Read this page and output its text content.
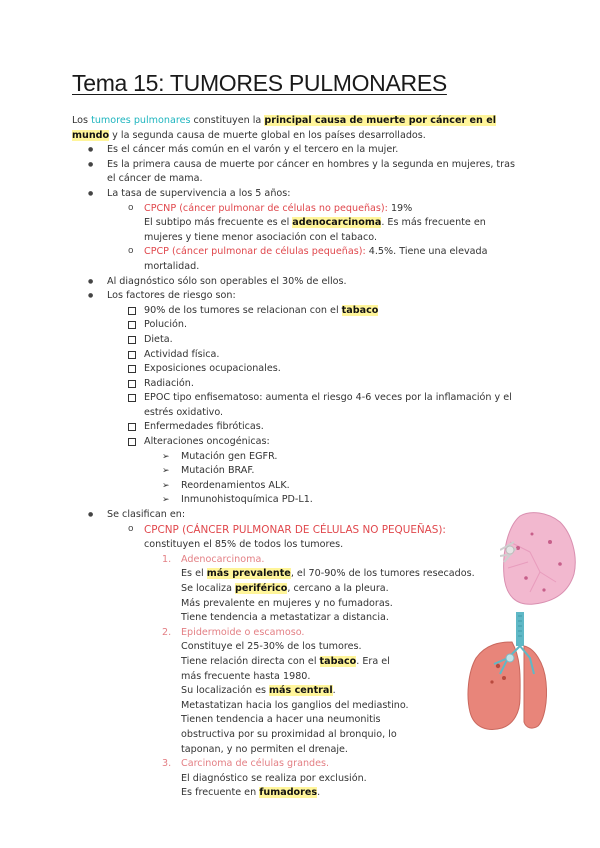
Tema 15: TUMORES PULMONARES

Los tumores pulmonares constituyen la principal causa de muerte por cáncer en el mundo y la segunda causa de muerte global en los países desarrollados.

● Es el cáncer más común en el varón y el tercero en la mujer.
● Es la primera causa de muerte por cáncer en hombres y la segunda en mujeres, tras el cáncer de mama.
● La tasa de supervivencia a los 5 años:
o CPCNP (cáncer pulmonar de células no pequeñas): 19%
El subtipo más frecuente es el adenocarcinoma. Es más frecuente en mujeres y tiene menor asociación con el tabaco.
o CPCP (cáncer pulmonar de células pequeñas): 4.5%. Tiene una elevada mortalidad.
● Al diagnóstico sólo son operables el 30% de ellos.
● Los factores de riesgo son:
90% de los tumores se relacionan con el tabaco
Polución.
Dieta.
Actividad física.
Exposiciones ocupacionales.
Radiación.
EPOC tipo enfisematoso: aumenta el riesgo 4-6 veces por la inflamación y el estrés oxidativo.
Enfermedades fibróticas.
Alteraciones oncogénicas:
➢ Mutación gen EGFR.
➢ Mutación BRAF.
➢ Reordenamientos ALK.
➢ Inmunohistoquímica PD-L1.
● Se clasifican en:
o CPCNP (CÁNCER PULMONAR DE CÉLULAS NO PEQUEÑAS):
constituyen el 85% de todos los tumores.
1. Adenocarcinoma.
Es el más prevalente, el 70-90% de los tumores resecados.
Se localiza periférico, cercano a la pleura.
Más prevalente en mujeres y no fumadoras.
Tiene tendencia a metastatizar a distancia.
2. Epidermoide o escamoso.
Constituye el 25-30% de los tumores.
Tiene relación directa con el tabaco. Era el más frecuente hasta 1980.
Su localización es más central.
Metastatizan hacia los ganglios del mediastino.
Tienen tendencia a hacer una neumonitis obstructiva por su proximidad al bronquio, lo taponan, y no permiten el drenaje.
3. Carcinoma de células grandes.
El diagnóstico se realiza por exclusión.
Es frecuente en fumadores.
